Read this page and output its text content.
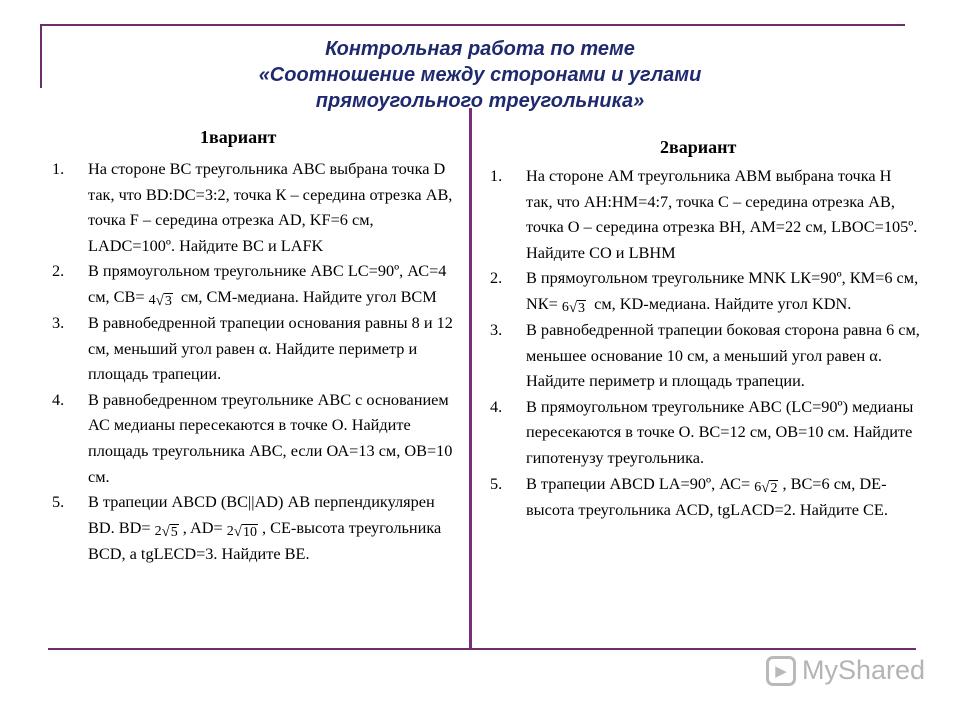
Контрольная работа по теме
«Соотношение между сторонами и углами
прямоугольного треугольника»
1вариант
1. На стороне ВС треугольника АВС выбрана точка D так, что BD:DC=3:2, точка К – середина отрезка АВ, точка F – середина отрезка AD, KF=6 см, LADC=100º. Найдите ВС и LAFK
2. В прямоугольном треугольнике АВС LС=90º, АС=4 см, СВ= 4 √ 3 см, СМ-медиана. Найдите угол ВСМ
3. В равнобедренной трапеции основания равны 8 и 12 см, меньший угол равен α. Найдите периметр и площадь трапеции.
4. В равнобедренном треугольнике АВС с основанием АС медианы пересекаются в точке О. Найдите площадь треугольника АВС, если ОА=13 см, ОВ=10 см.
5. В трапеции ABCD (ВС||AD) АВ перпендикулярен BD. BD= 2 √ 5 , AD= 2 √ 10 , СЕ-высота треугольника BCD, а tgLECD=3. Найдите ВЕ.
2вариант
1. На стороне АМ треугольника АВМ выбрана точка Н так, что АН:НМ=4:7, точка С – середина отрезка АВ, точка О – середина отрезка ВН, АМ=22 см, LВОС=105º. Найдите СО и LВНМ
2. В прямоугольном треугольнике MNK LК=90º, КМ=6 см, NК= 6 √ 3 см, KD-медиана. Найдите угол KDN.
3. В равнобедренной трапеции боковая сторона равна 6 см, меньшее основание 10 см, а меньший угол равен α. Найдите периметр и площадь трапеции.
4. В прямоугольном треугольнике АВС (LС=90º) медианы пересекаются в точке О. ВС=12 см, ОВ=10 см. Найдите гипотенузу треугольника.
5. В трапеции ABCD LА=90º, АС= 6 √ 2 , ВС=6 см, DE- высота треугольника ACD, tgLACD=2. Найдите СЕ.
▶ MyShared
